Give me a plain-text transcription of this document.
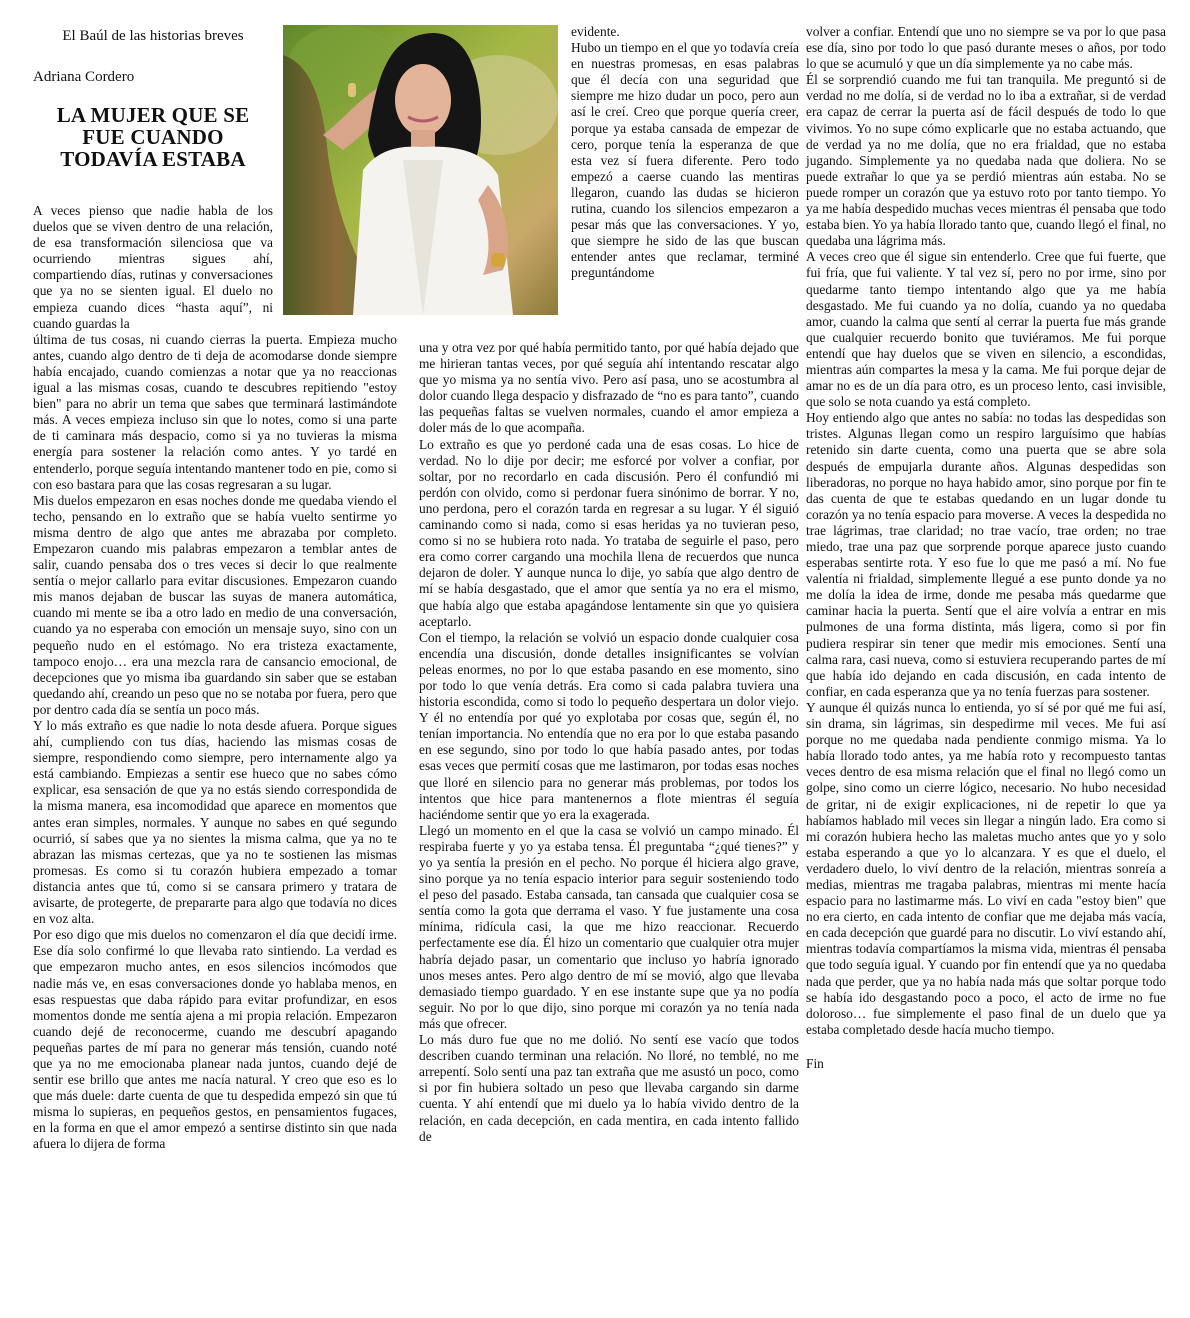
El Baúl de las historias breves
Adriana Cordero
LA MUJER QUE SE
FUE CUANDO
TODAVÍA ESTABA

A veces pienso que nadie habla de los duelos que se viven dentro de una relación, de esa transformación silenciosa que va ocurriendo mientras sigues ahí, compartiendo días, rutinas y conversaciones que ya no se sienten igual. El duelo no empieza cuando dices “hasta aquí”, ni cuando guardas la

última de tus cosas, ni cuando cierras la puerta. Empieza mucho antes, cuando algo dentro de ti deja de acomodarse donde siempre había encajado, cuando comienzas a notar que ya no reaccionas igual a las mismas cosas, cuando te descubres repitiendo "estoy bien" para no abrir un tema que sabes que terminará lastimándote más. A veces empieza incluso sin que lo notes, como si una parte de ti caminara más despacio, como si ya no tuvieras la misma energía para sostener la relación como antes. Y yo tardé en entenderlo, porque seguía intentando mantener todo en pie, como si con eso bastara para que las cosas regresaran a su lugar.

Mis duelos empezaron en esas noches donde me quedaba viendo el techo, pensando en lo extraño que se había vuelto sentirme yo misma dentro de algo que antes me abrazaba por completo. Empezaron cuando mis palabras empezaron a temblar antes de salir, cuando pensaba dos o tres veces si decir lo que realmente sentía o mejor callarlo para evitar discusiones. Empezaron cuando mis manos dejaban de buscar las suyas de manera automática, cuando mi mente se iba a otro lado en medio de una conversación, cuando ya no esperaba con emoción un mensaje suyo, sino con un pequeño nudo en el estómago. No era tristeza exactamente, tampoco enojo… era una mezcla rara de cansancio emocional, de decepciones que yo misma iba guardando sin saber que se estaban quedando ahí, creando un peso que no se notaba por fuera, pero que por dentro cada día se sentía un poco más.

Y lo más extraño es que nadie lo nota desde afuera. Porque sigues ahí, cumpliendo con tus días, haciendo las mismas cosas de siempre, respondiendo como siempre, pero internamente algo ya está cambiando. Empiezas a sentir ese hueco que no sabes cómo explicar, esa sensación de que ya no estás siendo correspondida de la misma manera, esa incomodidad que aparece en momentos que antes eran simples, normales. Y aunque no sabes en qué segundo ocurrió, sí sabes que ya no sientes la misma calma, que ya no te abrazan las mismas certezas, que ya no te sostienen las mismas promesas. Es como si tu corazón hubiera empezado a tomar distancia antes que tú, como si se cansara primero y tratara de avisarte, de protegerte, de prepararte para algo que todavía no dices en voz alta.

Por eso digo que mis duelos no comenzaron el día que decidí irme. Ese día solo confirmé lo que llevaba rato sintiendo. La verdad es que empezaron mucho antes, en esos silencios incómodos que nadie más ve, en esas conversaciones donde yo hablaba menos, en esas respuestas que daba rápido para evitar profundizar, en esos momentos donde me sentía ajena a mi propia relación. Empezaron cuando dejé de reconocerme, cuando me descubrí apagando pequeñas partes de mí para no generar más tensión, cuando noté que ya no me emocionaba planear nada juntos, cuando dejé de sentir ese brillo que antes me nacía natural. Y creo que eso es lo que más duele: darte cuenta de que tu despedida empezó sin que tú misma lo supieras, en pequeños gestos, en pensamientos fugaces, en la forma en que el amor empezó a sentirse distinto sin que nada afuera lo dijera de forma

evidente.

Hubo un tiempo en el que yo todavía creía en nuestras promesas, en esas palabras que él decía con una seguridad que siempre me hizo dudar un poco, pero aun así le creí. Creo que porque quería creer, porque ya estaba cansada de empezar de cero, porque tenía la esperanza de que esta vez sí fuera diferente. Pero todo empezó a caerse cuando las mentiras llegaron, cuando las dudas se hicieron rutina, cuando los silencios empezaron a pesar más que las conversaciones. Y yo, que siempre he sido de las que buscan entender antes que reclamar, terminé preguntándome

una y otra vez por qué había permitido tanto, por qué había dejado que me hirieran tantas veces, por qué seguía ahí intentando rescatar algo que yo misma ya no sentía vivo. Pero así pasa, uno se acostumbra al dolor cuando llega despacio y disfrazado de “no es para tanto”, cuando las pequeñas faltas se vuelven normales, cuando el amor empieza a doler más de lo que acompaña.

Lo extraño es que yo perdoné cada una de esas cosas. Lo hice de verdad. No lo dije por decir; me esforcé por volver a confiar, por soltar, por no recordarlo en cada discusión. Pero él confundió mi perdón con olvido, como si perdonar fuera sinónimo de borrar. Y no, uno perdona, pero el corazón tarda en regresar a su lugar. Y él siguió caminando como si nada, como si esas heridas ya no tuvieran peso, como si no se hubiera roto nada. Yo trataba de seguirle el paso, pero era como correr cargando una mochila llena de recuerdos que nunca dejaron de doler. Y aunque nunca lo dije, yo sabía que algo dentro de mí se había desgastado, que el amor que sentía ya no era el mismo, que había algo que estaba apagándose lentamente sin que yo quisiera aceptarlo.

Con el tiempo, la relación se volvió un espacio donde cualquier cosa encendía una discusión, donde detalles insignificantes se volvían peleas enormes, no por lo que estaba pasando en ese momento, sino por todo lo que venía detrás. Era como si cada palabra tuviera una historia escondida, como si todo lo pequeño despertara un dolor viejo. Y él no entendía por qué yo explotaba por cosas que, según él, no tenían importancia. No entendía que no era por lo que estaba pasando en ese segundo, sino por todo lo que había pasado antes, por todas esas veces que permití cosas que me lastimaron, por todas esas noches que lloré en silencio para no generar más problemas, por todos los intentos que hice para mantenernos a flote mientras él seguía haciéndome sentir que yo era la exagerada.

Llegó un momento en el que la casa se volvió un campo minado. Él respiraba fuerte y yo ya estaba tensa. Él preguntaba “¿qué tienes?” y yo ya sentía la presión en el pecho. No porque él hiciera algo grave, sino porque ya no tenía espacio interior para seguir sosteniendo todo el peso del pasado. Estaba cansada, tan cansada que cualquier cosa se sentía como la gota que derrama el vaso. Y fue justamente una cosa mínima, ridícula casi, la que me hizo reaccionar. Recuerdo perfectamente ese día. Él hizo un comentario que cualquier otra mujer habría dejado pasar, un comentario que incluso yo habría ignorado unos meses antes. Pero algo dentro de mí se movió, algo que llevaba demasiado tiempo guardado. Y en ese instante supe que ya no podía seguir. No por lo que dijo, sino porque mi corazón ya no tenía nada más que ofrecer.

Lo más duro fue que no me dolió. No sentí ese vacío que todos describen cuando terminan una relación. No lloré, no temblé, no me arrepentí. Solo sentí una paz tan extraña que me asustó un poco, como si por fin hubiera soltado un peso que llevaba cargando sin darme cuenta. Y ahí entendí que mi duelo ya lo había vivido dentro de la relación, en cada decepción, en cada mentira, en cada intento fallido de

volver a confiar. Entendí que uno no siempre se va por lo que pasa ese día, sino por todo lo que pasó durante meses o años, por todo lo que se acumuló y que un día simplemente ya no cabe más.

Él se sorprendió cuando me fui tan tranquila. Me preguntó si de verdad no me dolía, si de verdad no lo iba a extrañar, si de verdad era capaz de cerrar la puerta así de fácil después de todo lo que vivimos. Yo no supe cómo explicarle que no estaba actuando, que de verdad ya no me dolía, que no era frialdad, que no estaba jugando. Simplemente ya no quedaba nada que doliera. No se puede extrañar lo que ya se perdió mientras aún estaba. No se puede romper un corazón que ya estuvo roto por tanto tiempo. Yo ya me había despedido muchas veces mientras él pensaba que todo estaba bien. Yo ya había llorado tanto que, cuando llegó el final, no quedaba una lágrima más.

A veces creo que él sigue sin entenderlo. Cree que fui fuerte, que fui fría, que fui valiente. Y tal vez sí, pero no por irme, sino por quedarme tanto tiempo intentando algo que ya me había desgastado. Me fui cuando ya no dolía, cuando ya no quedaba amor, cuando la calma que sentí al cerrar la puerta fue más grande que cualquier recuerdo bonito que tuviéramos. Me fui porque entendí que hay duelos que se viven en silencio, a escondidas, mientras aún compartes la mesa y la cama. Me fui porque dejar de amar no es de un día para otro, es un proceso lento, casi invisible, que solo se nota cuando ya está completo.

Hoy entiendo algo que antes no sabía: no todas las despedidas son tristes. Algunas llegan como un respiro larguísimo que habías retenido sin darte cuenta, como una puerta que se abre sola después de empujarla durante años. Algunas despedidas son liberadoras, no porque no haya habido amor, sino porque por fin te das cuenta de que te estabas quedando en un lugar donde tu corazón ya no tenía espacio para moverse. A veces la despedida no trae lágrimas, trae claridad; no trae vacío, trae orden; no trae miedo, trae una paz que sorprende porque aparece justo cuando esperabas sentirte rota. Y eso fue lo que me pasó a mí. No fue valentía ni frialdad, simplemente llegué a ese punto donde ya no me dolía la idea de irme, donde me pesaba más quedarme que caminar hacia la puerta. Sentí que el aire volvía a entrar en mis pulmones de una forma distinta, más ligera, como si por fin pudiera respirar sin tener que medir mis emociones. Sentí una calma rara, casi nueva, como si estuviera recuperando partes de mí que había ido dejando en cada discusión, en cada intento de confiar, en cada esperanza que ya no tenía fuerzas para sostener.

Y aunque él quizás nunca lo entienda, yo sí sé por qué me fui así, sin drama, sin lágrimas, sin despedirme mil veces. Me fui así porque no me quedaba nada pendiente conmigo misma. Ya lo había llorado todo antes, ya me había roto y recompuesto tantas veces dentro de esa misma relación que el final no llegó como un golpe, sino como un cierre lógico, necesario. No hubo necesidad de gritar, ni de exigir explicaciones, ni de repetir lo que ya habíamos hablado mil veces sin llegar a ningún lado. Era como si mi corazón hubiera hecho las maletas mucho antes que yo y solo estaba esperando a que yo lo alcanzara. Y es que el duelo, el verdadero duelo, lo viví dentro de la relación, mientras sonreía a medias, mientras me tragaba palabras, mientras mi mente hacía espacio para no lastimarme más. Lo viví en cada "estoy bien" que no era cierto, en cada intento de confiar que me dejaba más vacía, en cada decepción que guardé para no discutir. Lo viví estando ahí, mientras todavía compartíamos la misma vida, mientras él pensaba que todo seguía igual. Y cuando por fin entendí que ya no quedaba nada que perder, que ya no había nada más que soltar porque todo se había ido desgastando poco a poco, el acto de irme no fue doloroso… fue simplemente el paso final de un duelo que ya estaba completado desde hacía mucho tiempo.

Fin
